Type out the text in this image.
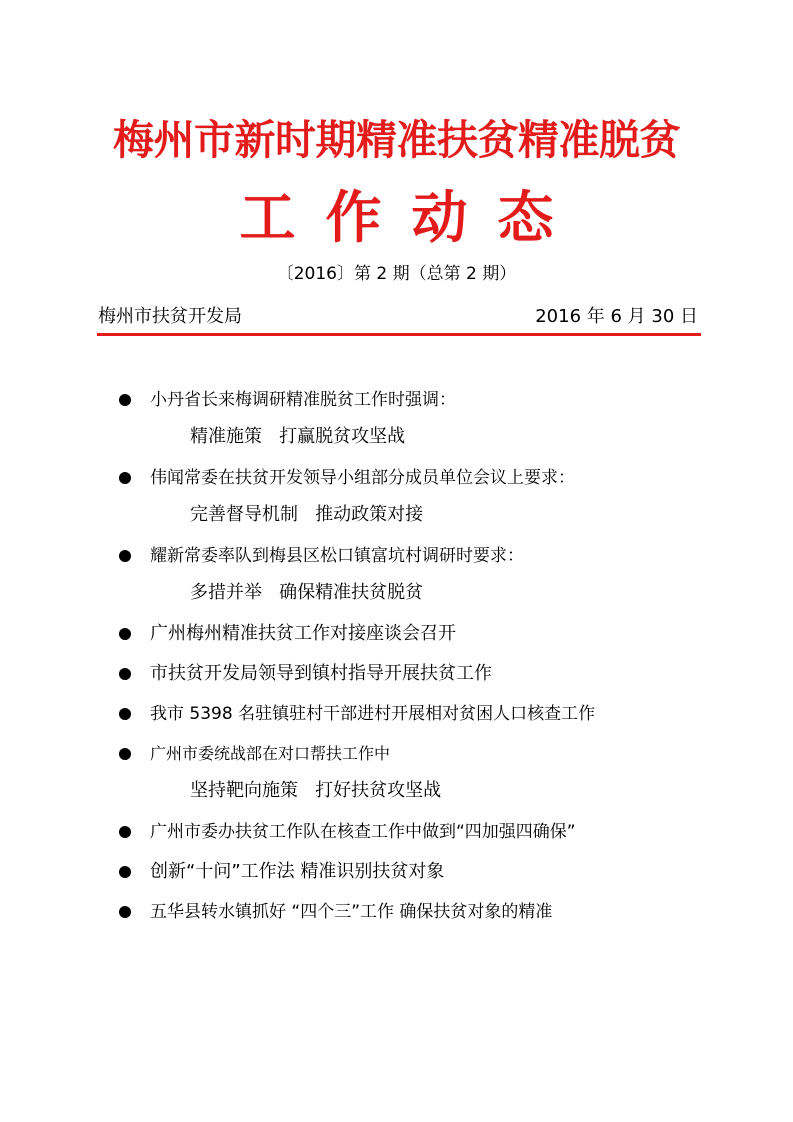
梅州市新时期精准扶贫精准脱贫
工作动态
〔2016〕第 2 期（总第 2 期）
梅州市扶贫开发局	2016 年 6 月 30 日
小丹省长来梅调研精准脱贫工作时强调：
精准施策   打赢脱贫攻坚战
伟闻常委在扶贫开发领导小组部分成员单位会议上要求：
完善督导机制   推动政策对接
耀新常委率队到梅县区松口镇富坑村调研时要求：
多措并举   确保精准扶贫脱贫
广州梅州精准扶贫工作对接座谈会召开
市扶贫开发局领导到镇村指导开展扶贫工作
我市 5398 名驻镇驻村干部进村开展相对贫困人口核查工作
广州市委统战部在对口帮扶工作中
坚持靶向施策   打好扶贫攻坚战
广州市委办扶贫工作队在核查工作中做到“四加强四确保”
创新“十问”工作法 精准识别扶贫对象
五华县转水镇抓好 “四个三”工作 确保扶贫对象的精准
